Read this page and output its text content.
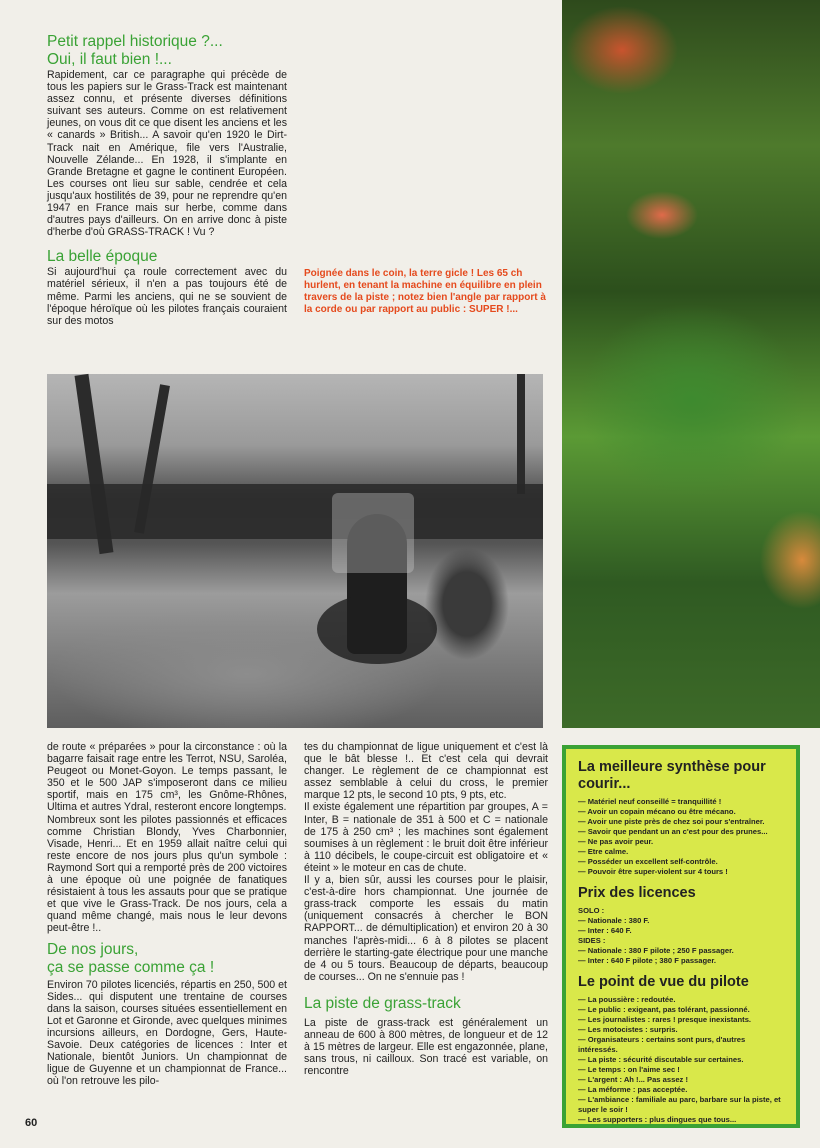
Petit rappel historique ?...
Oui, il faut bien !...

Rapidement, car ce paragraphe qui précède de tous les papiers sur le Grass-Track est maintenant assez connu, et présente diverses définitions suivant ses auteurs. Comme on est relativement jeunes, on vous dit ce que disent les anciens et les « canards » British... A savoir qu'en 1920 le Dirt-Track nait en Amérique, file vers l'Australie, Nouvelle Zélande... En 1928, il s'implante en Grande Bretagne et gagne le continent Européen. Les courses ont lieu sur sable, cendrée et cela jusqu'aux hostilités de 39, pour ne reprendre qu'en 1947 en France mais sur herbe, comme dans d'autres pays d'ailleurs. On en arrive donc à piste d'herbe d'où GRASS-TRACK ! Vu ?

La belle époque

Si aujourd'hui ça roule correctement avec du matériel sérieux, il n'en a pas toujours été de même. Parmi les anciens, qui ne se souvient de l'époque héroïque où les pilotes français couraient sur des motos

Poignée dans le coin, la terre gicle ! Les 65 ch hurlent, en tenant la machine en équilibre en plein travers de la piste ; notez bien l'angle par rapport à la corde ou par rapport au public : SUPER !...

de route « préparées » pour la circonstance : où la bagarre faisait rage entre les Terrot, NSU, Saroléa, Peugeot ou Monet-Goyon. Le temps passant, le 350 et le 500 JAP s'imposeront dans ce milieu sportif, mais en 175 cm³, les Gnôme-Rhônes, Ultima et autres Ydral, resteront encore longtemps.

Nombreux sont les pilotes passionnés et efficaces comme Christian Blondy, Yves Charbonnier, Visade, Henri... Et en 1959 allait naître celui qui reste encore de nos jours plus qu'un symbole : Raymond Sort qui a remporté près de 200 victoires à une époque où une poignée de fanatiques résistaient à tous les assauts pour que se pratique et que vive le Grass-Track. De nos jours, cela a quand même changé, mais nous le leur devons peut-être !..

De nos jours,
ça se passe comme ça !

Environ 70 pilotes licenciés, répartis en 250, 500 et Sides... qui disputent une trentaine de courses dans la saison, courses situées essentiellement en Lot et Garonne et Gironde, avec quelques minimes incursions ailleurs, en Dordogne, Gers, Haute-Savoie. Deux catégories de licences : Inter et Nationale, bientôt Juniors. Un championnat de ligue de Guyenne et un championnat de France... où l'on retrouve les pilo-

tes du championnat de ligue uniquement et c'est là que le bât blesse !.. Et c'est cela qui devrait changer. Le règlement de ce championnat est assez semblable à celui du cross, le premier marque 12 pts, le second 10 pts, 9 pts, etc.

Il existe également une répartition par groupes, A = Inter, B = nationale de 351 à 500 et C = nationale de 175 à 250 cm³ ; les machines sont également soumises à un règlement : le bruit doit être inférieur à 110 décibels, le coupe-circuit est obligatoire et « éteint » le moteur en cas de chute.

Il y a, bien sûr, aussi les courses pour le plaisir, c'est-à-dire hors championnat. Une journée de grass-track comporte les essais du matin (uniquement consacrés à chercher le BON RAPPORT... de démultiplication) et environ 20 à 30 manches l'après-midi... 6 à 8 pilotes se placent derrière le starting-gate électrique pour une manche de 4 ou 5 tours. Beaucoup de départs, beaucoup de courses... On ne s'ennuie pas !

La piste de grass-track

La piste de grass-track est généralement un anneau de 600 à 800 mètres, de longueur et de 12 à 15 mètres de largeur. Elle est engazonnée, plane, sans trous, ni cailloux. Son tracé est variable, on rencontre

La meilleure synthèse pour courir...
— Matériel neuf conseillé = tranquillité !
— Avoir un copain mécano ou être mécano.
— Avoir une piste près de chez soi pour s'entraîner.
— Savoir que pendant un an c'est pour des prunes...
— Ne pas avoir peur.
— Etre calme.
— Posséder un excellent self-contrôle.
— Pouvoir être super-violent sur 4 tours !
Prix des licences
SOLO :
— Nationale : 380 F.
— Inter : 640 F.
SIDES :
— Nationale : 380 F pilote ; 250 F passager.
— Inter : 640 F pilote ; 380 F passager.
Le point de vue du pilote
— La poussière : redoutée.
— Le public : exigeant, pas tolérant, passionné.
— Les journalistes : rares ! presque inexistants.
— Les motocistes : surpris.
— Organisateurs : certains sont purs, d'autres intéressés.
— La piste : sécurité discutable sur certaines.
— Le temps : on l'aime sec !
— L'argent : Ah !... Pas assez !
— La méforme : pas acceptée.
— L'ambiance : familiale au parc, barbare sur la piste, et super le soir !
— Les supporters : plus dingues que tous...
60
